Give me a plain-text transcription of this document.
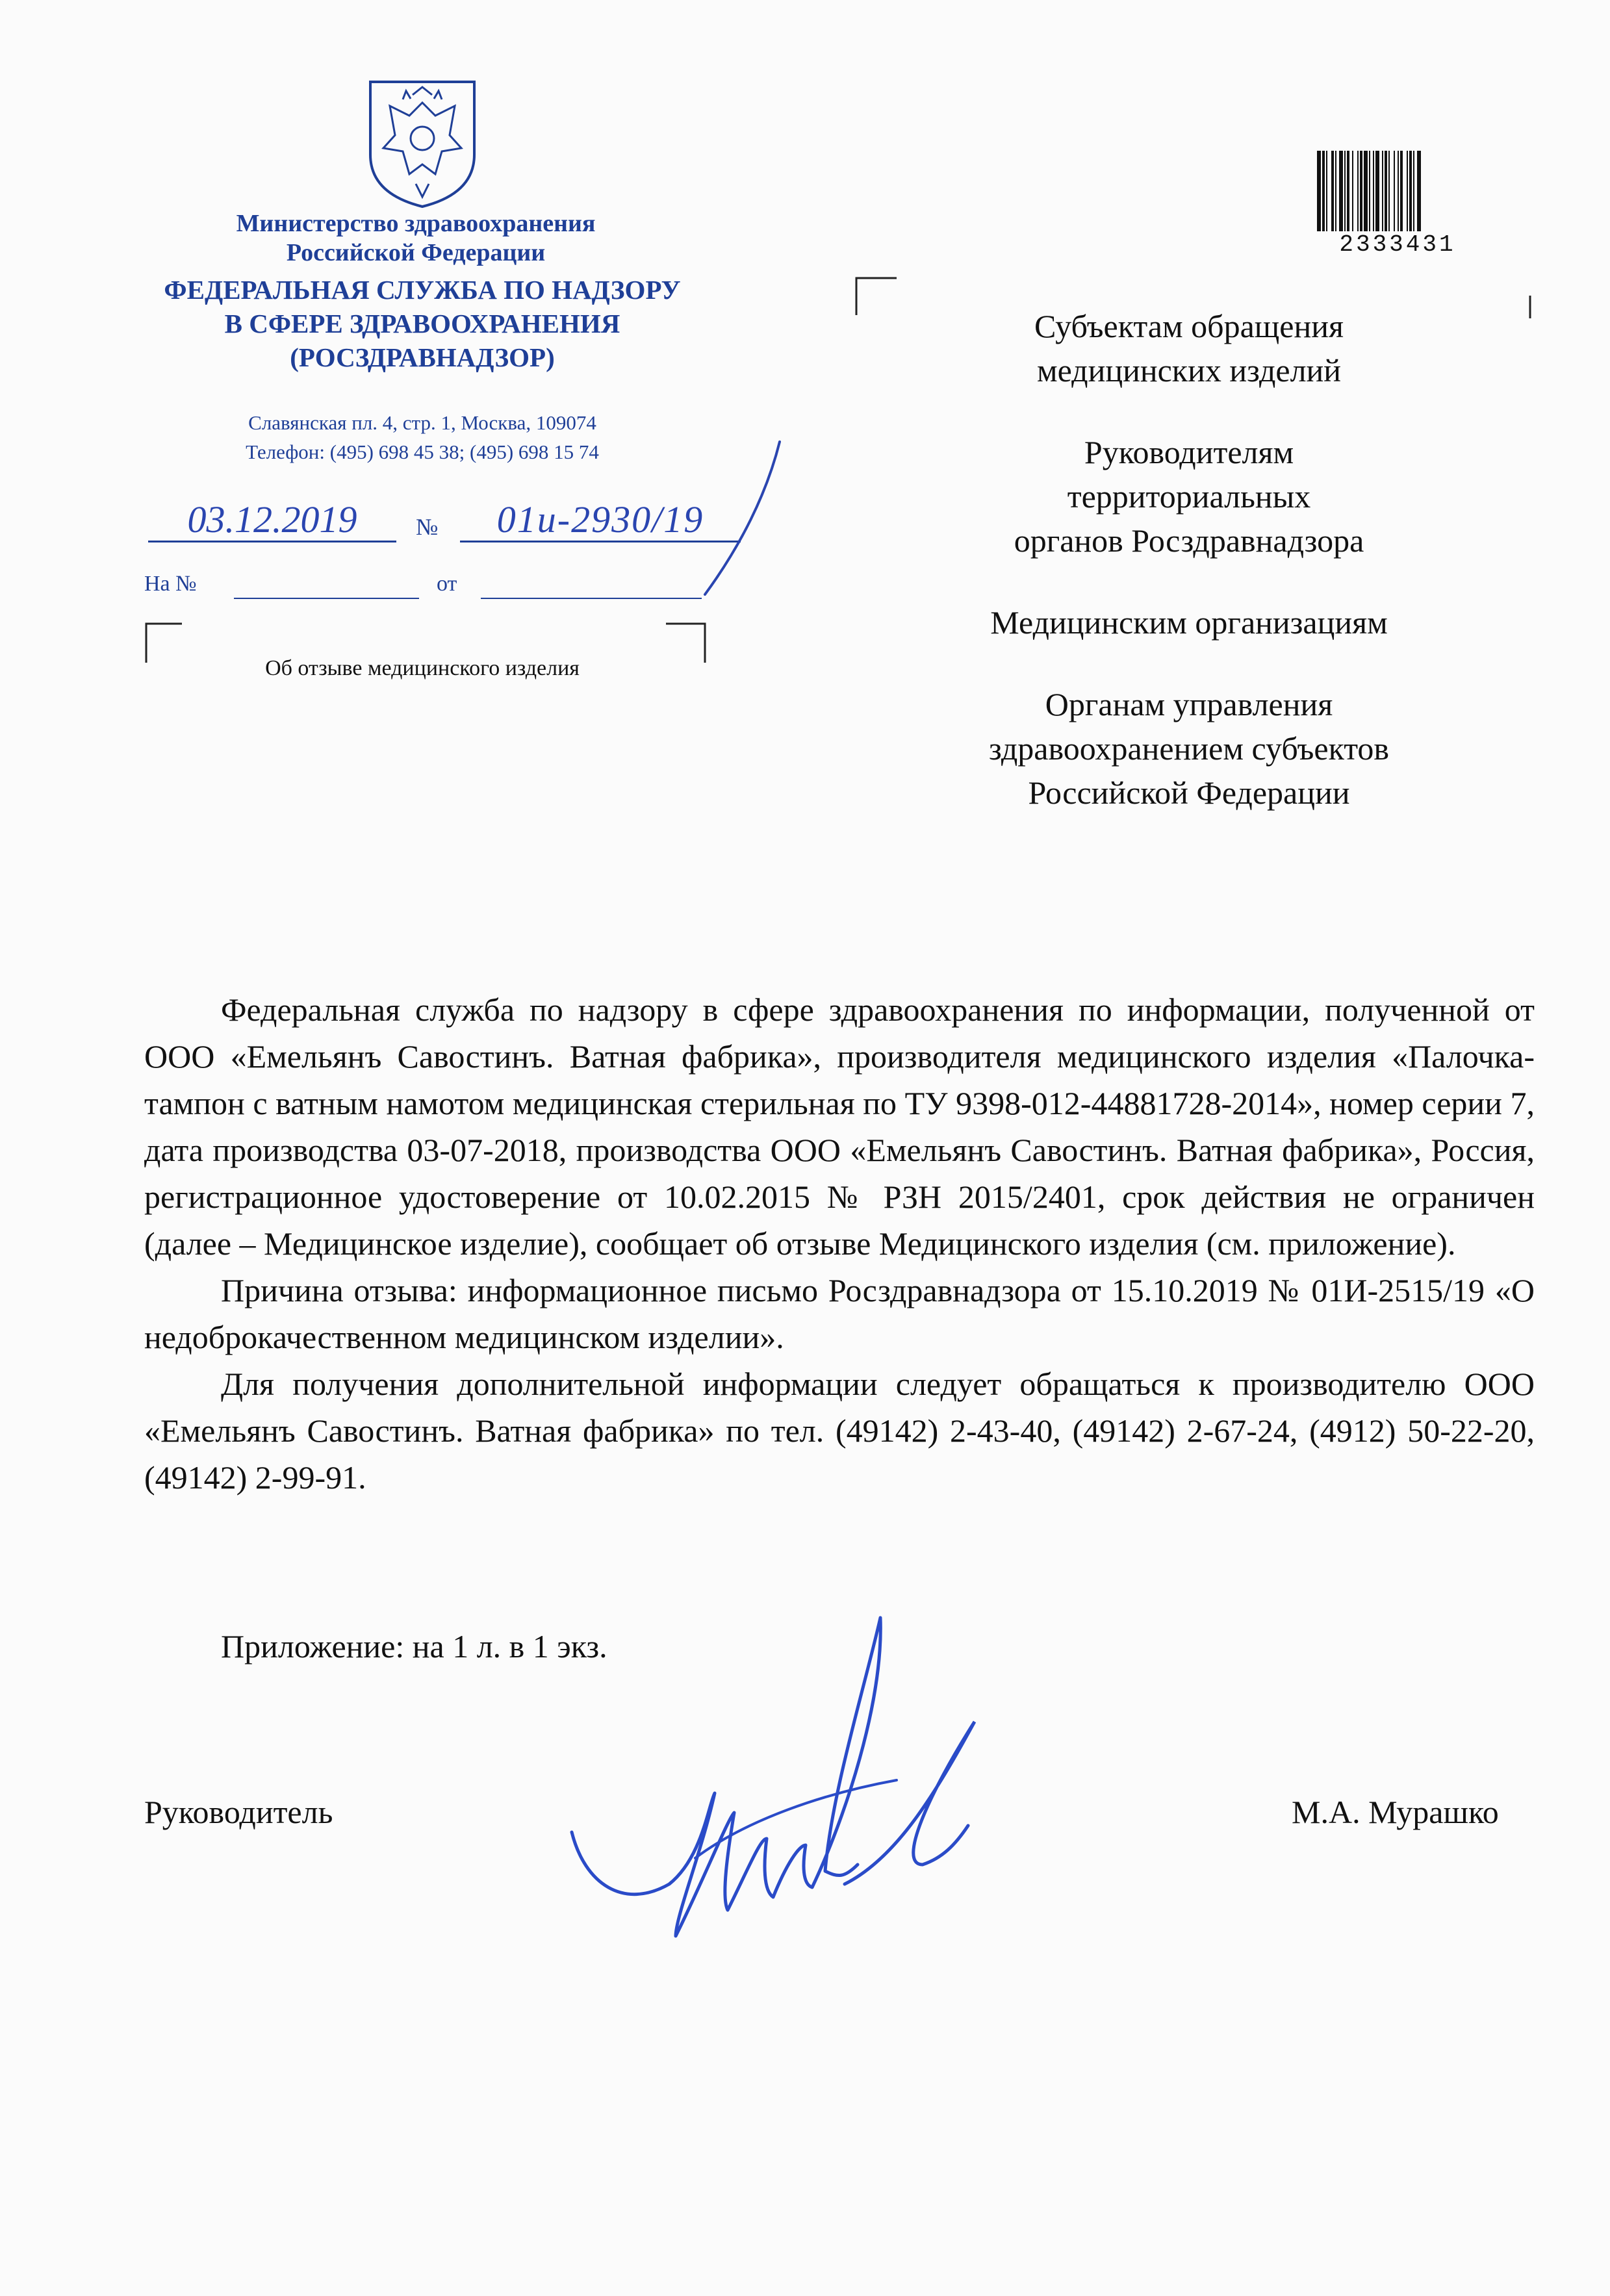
Министерство здравоохранения
Российской Федерации
ФЕДЕРАЛЬНАЯ СЛУЖБА ПО НАДЗОРУ
В СФЕРЕ ЗДРАВООХРАНЕНИЯ
(РОСЗДРАВНАДЗОР)
Славянская пл. 4, стр. 1, Москва, 109074
Телефон: (495) 698 45 38; (495) 698 15 74
03.12.2019	№	01и-2930/19
На №	от
Об отзыве медицинского изделия
2333431
Субъектам обращения
медицинских изделий
Руководителям
территориальных
органов Росздравнадзора
Медицинским организациям
Органам управления
здравоохранением субъектов
Российской Федерации

Федеральная служба по надзору в сфере здравоохранения по информации, полученной от ООО «Емельянъ Савостинъ. Ватная фабрика», производителя медицинского изделия «Палочка-тампон с ватным намотом медицинская стерильная по ТУ 9398-012-44881728-2014», номер серии 7, дата производства 03-07-2018, производства ООО «Емельянъ Савостинъ. Ватная фабрика», Россия, регистрационное удостоверение от 10.02.2015 № РЗН 2015/2401, срок действия не ограничен (далее – Медицинское изделие), сообщает об отзыве Медицинского изделия (см. приложение).

Причина отзыва: информационное письмо Росздравнадзора от 15.10.2019 № 01И-2515/19 «О недоброкачественном медицинском изделии».

Для получения дополнительной информации следует обращаться к производителю ООО «Емельянъ Савостинъ. Ватная фабрика» по тел. (49142) 2-43-40, (49142) 2-67-24, (4912) 50-22-20, (49142) 2-99-91.

Приложение: на 1 л. в 1 экз.
Руководитель	М.А. Мурашко
